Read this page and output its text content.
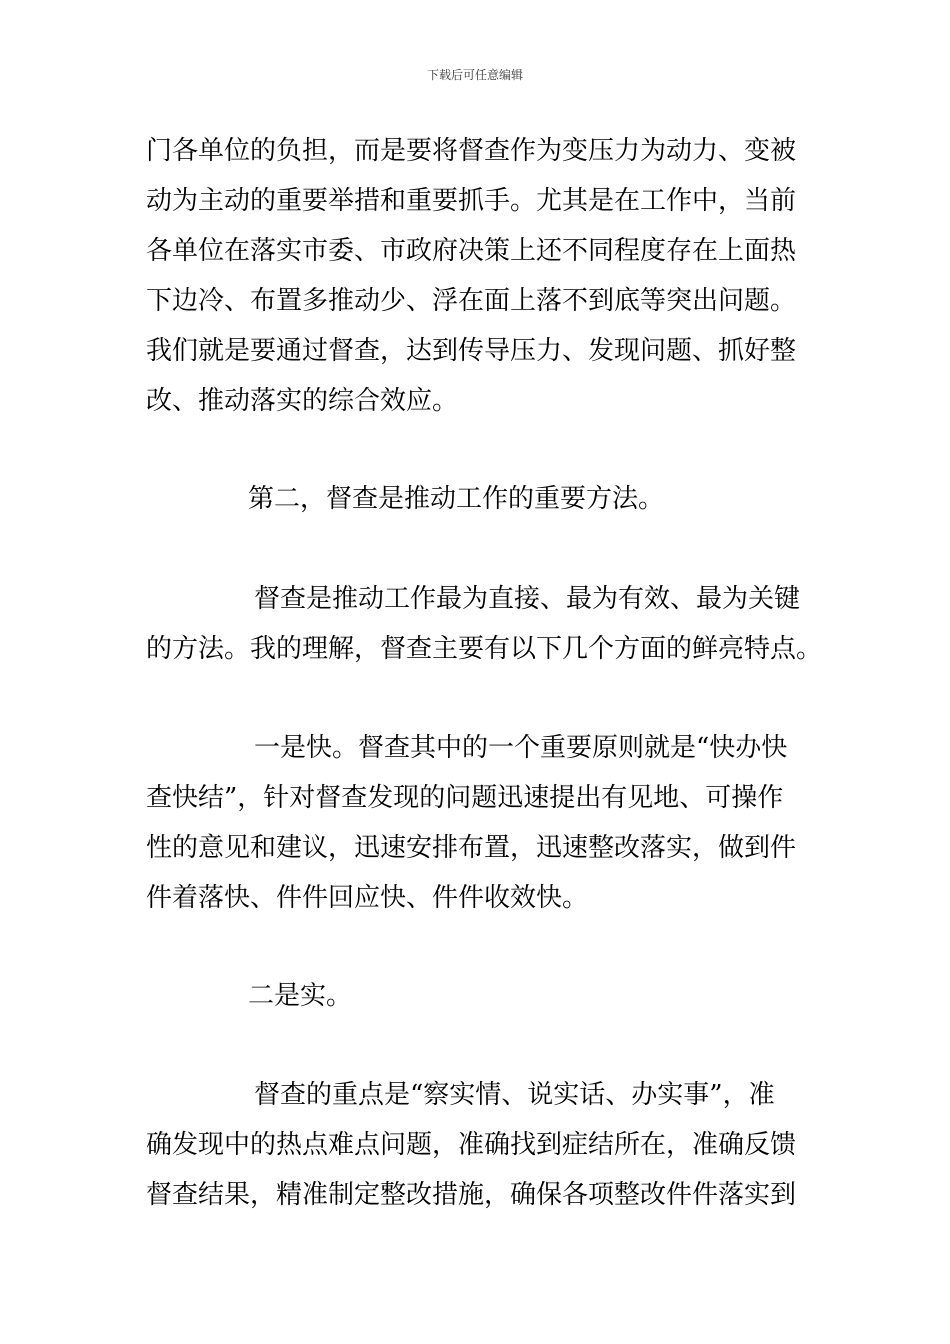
下载后可任意编辑
门各单位的负担，而是要将督查作为变压力为动力、变被
动为主动的重要举措和重要抓手。尤其是在工作中，当前
各单位在落实市委、市政府决策上还不同程度存在上面热
下边冷、布置多推动少、浮在面上落不到底等突出问题。
我们就是要通过督查，达到传导压力、发现问题、抓好整
改、推动落实的综合效应。
第二，督查是推动工作的重要方法。
督查是推动工作最为直接、最为有效、最为关键
的方法。我的理解，督查主要有以下几个方面的鲜亮特点。
一是快。督查其中的一个重要原则就是“快办快
查快结”，针对督查发现的问题迅速提出有见地、可操作
性的意见和建议，迅速安排布置，迅速整改落实，做到件
件着落快、件件回应快、件件收效快。
二是实。
督查的重点是“察实情、说实话、办实事”，准
确发现中的热点难点问题，准确找到症结所在，准确反馈
督查结果，精准制定整改措施，确保各项整改件件落实到
